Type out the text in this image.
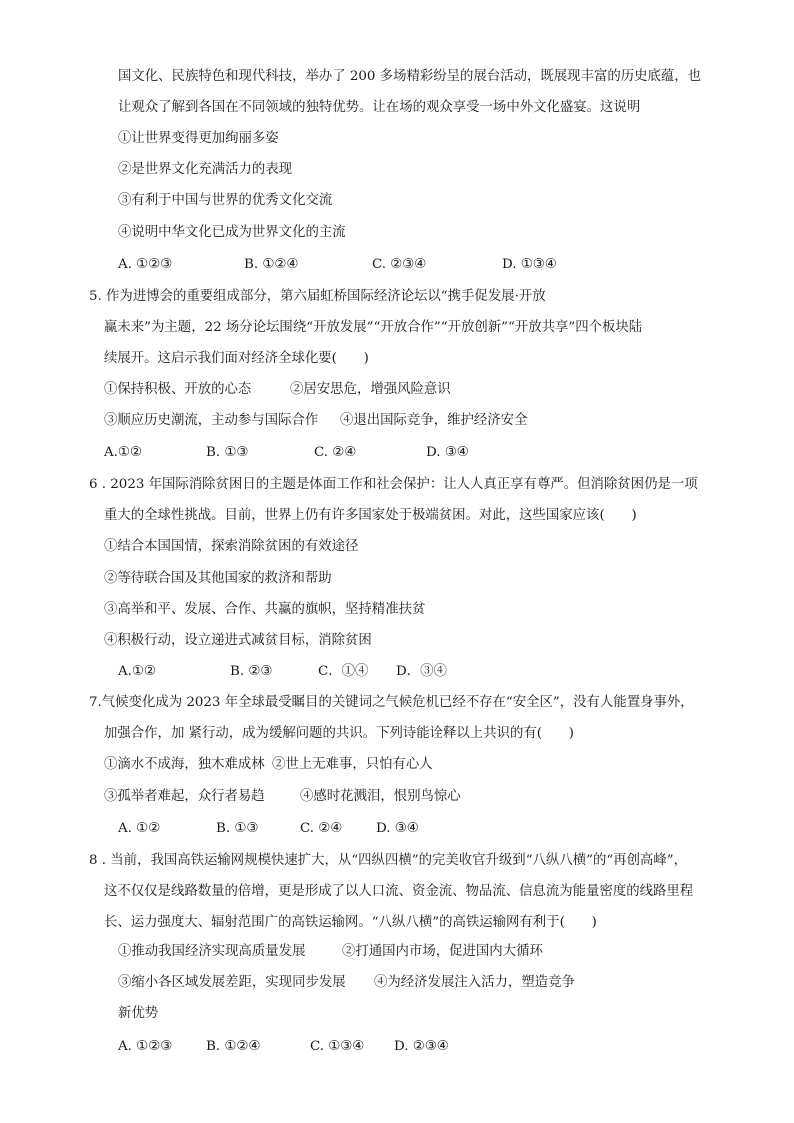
国文化、民族特色和现代科技，举办了 200 多场精彩纷呈的展台活动，既展现丰富的历史底蕴，也
让观众了解到各国在不同领域的独特优势。让在场的观众享受一场中外文化盛宴。这说明
①让世界变得更加绚丽多姿
②是世界文化充满活力的表现
③有利于中国与世界的优秀文化交流
④说明中华文化已成为世界文化的主流
A. ①②③	B. ①②④	C. ②③④	D. ①③④
5. 作为进博会的重要组成部分，第六届虹桥国际经济论坛以“携手促发展·开放
赢未来”为主题，22 场分论坛围绕“开放发展”“开放合作”“开放创新”“开放共享”四个板块陆
续展开。这启示我们面对经济全球化要(　　)
①保持积极、开放的心态	②居安思危，增强风险意识
③顺应历史潮流，主动参与国际合作 ④退出国际竞争，维护经济安全
A.①②	B. ①③	C. ②④	D. ③④
6 . 2023 年国际消除贫困日的主题是体面工作和社会保护：让人人真正享有尊严。但消除贫困仍是一项
重大的全球性挑战。目前，世界上仍有许多国家处于极端贫困。对此，这些国家应该(　　)
①结合本国国情，探索消除贫困的有效途径
②等待联合国及其他国家的救济和帮助
③高举和平、发展、合作、共赢的旗帜，坚持精准扶贫
④积极行动，设立递进式减贫目标，消除贫困
A.①②	B. ②③	C．①④ D．③④
7.气候变化成为 2023 年全球最受瞩目的关键词之气候危机已经不存在“安全区”，没有人能置身事外，
加强合作，加 紧行动，成为缓解问题的共识。下列诗能诠释以上共识的有(　　)
①滴水不成海，独木难成林 ②世上无难事，只怕有心人
③孤举者难起，众行者易趋	④感时花溅泪，恨别鸟惊心
A. ①②	B. ①③	C. ②④	D. ③④
8 . 当前，我国高铁运输网规模快速扩大，从“四纵四横”的完美收官升级到“八纵八横”的“再创高峰”，
这不仅仅是线路数量的倍增，更是形成了以人口流、资金流、物品流、信息流为能量密度的线路里程
长、运力强度大、辐射范围广的高铁运输网。“八纵八横”的高铁运输网有利于(　　)
①推动我国经济实现高质量发展	②打通国内市场，促进国内大循环
③缩小各区域发展差距，实现同步发展 ④为经济发展注入活力，塑造竞争
新优势
A. ①②③	B. ①②④	C. ①③④ D. ②③④
